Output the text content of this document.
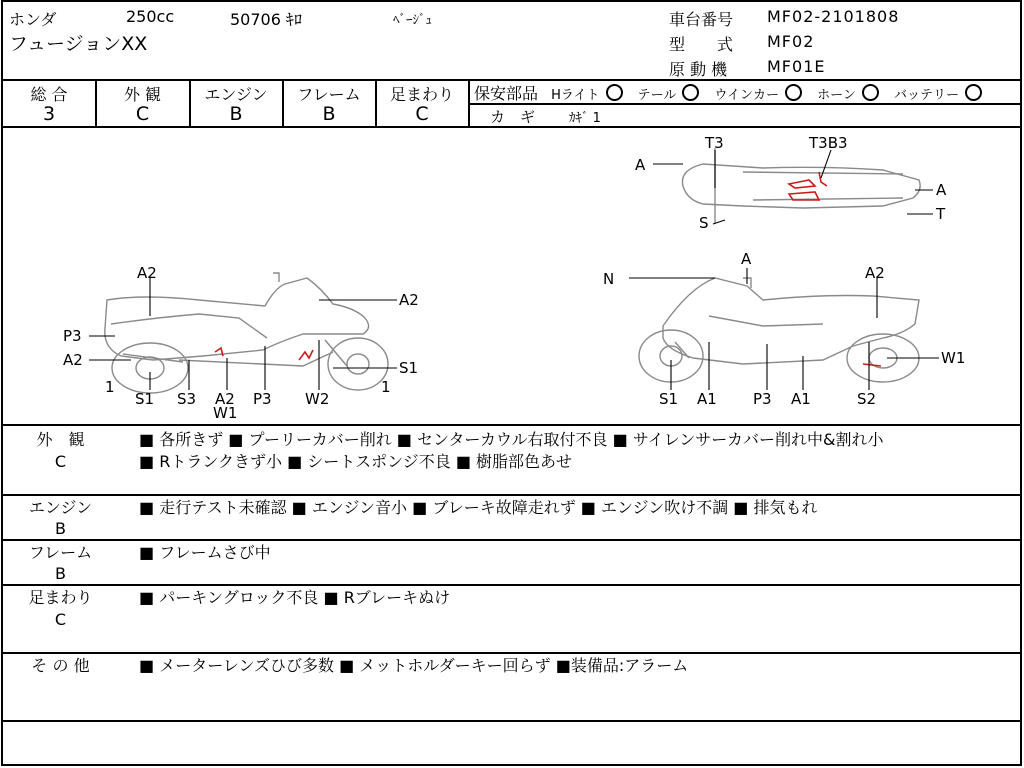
ホンダ	250cc	50706 ｷﾛ	ﾍﾞｰｼﾞｭ
フュージョンXX
車台番号 MF02-2101808
型　　式 MF02
原 動 機 MF01E
総 合
3
外 観
C
エンジン
B
フレーム
B
足まわり
C
保安部品 Hライト	テール	ウインカー	ホーン	バッテリー
カ　ギ	ｶｷﾞ 1
A
T3	T3B3
A
T
S
A2
A2
P3
A2
1
S1 S3 A2
W1
P3 W2
1
S1
N
A
A2
W1
S1 A1 P3 A1	S2
外　観
C
■ 各所きず ■ プーリーカバー削れ ■ センターカウル右取付不良 ■ サイレンサーカバー削れ中&割れ小
■ Rトランクきず小 ■ シートスポンジ不良 ■ 樹脂部色あせ
エンジン
B
■ 走行テスト未確認 ■ エンジン音小 ■ ブレーキ故障走れず ■ エンジン吹け不調 ■ 排気もれ
フレーム
B
■ フレームさび中
足まわり
C
■ パーキングロック不良 ■ Rブレーキぬけ
そ の 他	■ メーターレンズひび多数 ■ メットホルダーキー回らず ■装備品:アラーム
